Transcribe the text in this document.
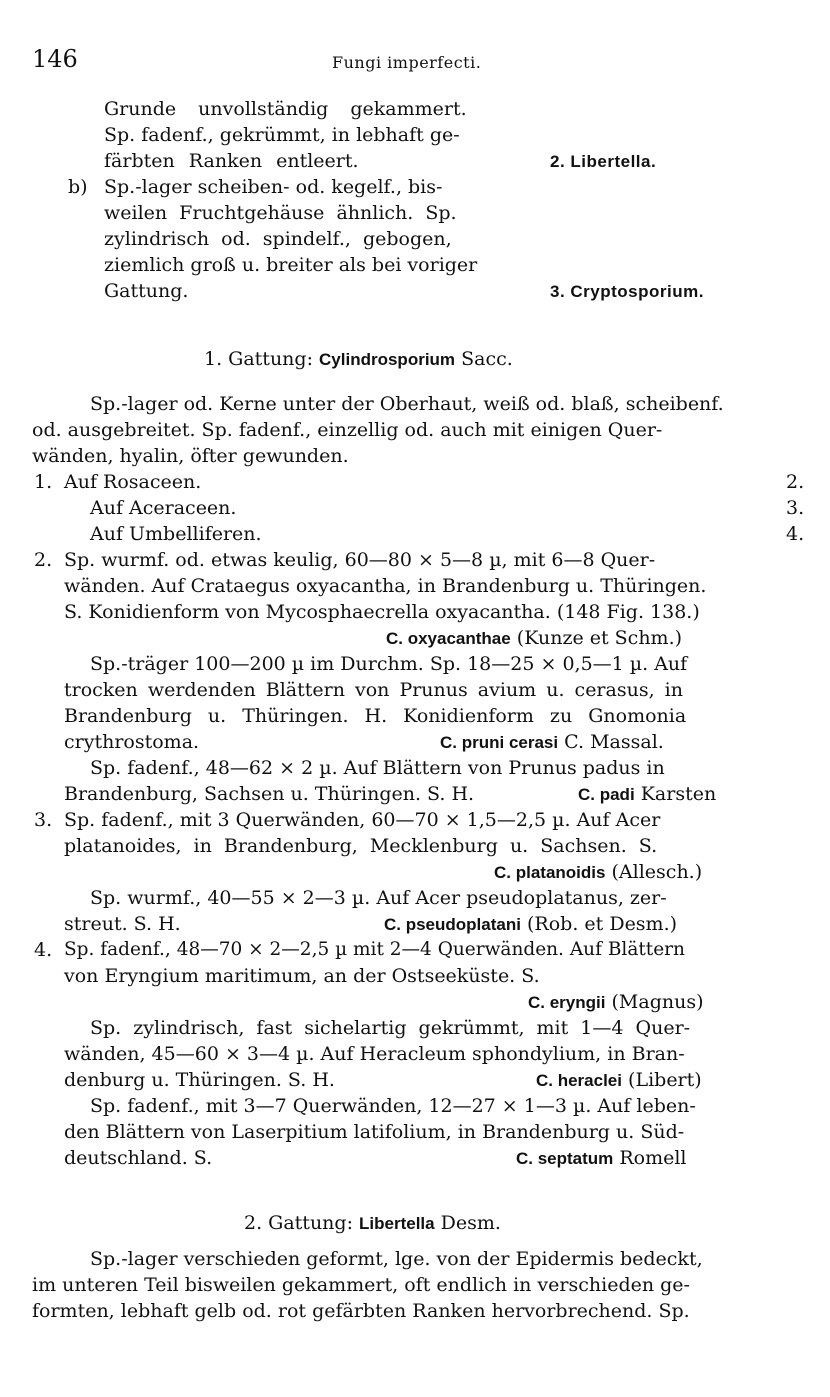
146	Fungi imperfecti.
Grunde unvollständig gekammert.
Sp. fadenf., gekrümmt, in lebhaft ge-
färbten Ranken entleert.	2. Libertella.
b) Sp.-lager scheiben- od. kegelf., bis-
weilen Fruchtgehäuse ähnlich. Sp.
zylindrisch od. spindelf., gebogen,
ziemlich groß u. breiter als bei voriger
Gattung.	3. Cryptosporium.
1. Gattung: Cylindrosporium Sacc.
Sp.-lager od. Kerne unter der Oberhaut, weiß od. blaß, scheibenf.
od. ausgebreitet. Sp. fadenf., einzellig od. auch mit einigen Quer-
wänden, hyalin, öfter gewunden.
1. Auf Rosaceen.	2.
Auf Aceraceen.	3.
Auf Umbelliferen.	4.
2. Sp. wurmf. od. etwas keulig, 60—80 × 5—8 µ, mit 6—8 Quer-
wänden. Auf Crataegus oxyacantha, in Brandenburg u. Thüringen.
S. Konidienform von Mycosphaecrella oxyacantha. (148 Fig. 138.)
C. oxyacanthae (Kunze et Schm.)
Sp.-träger 100—200 µ im Durchm. Sp. 18—25 × 0,5—1 µ. Auf
trocken werdenden Blättern von Prunus avium u. cerasus, in
Brandenburg u. Thüringen. H. Konidienform zu Gnomonia
crythrostoma.	C. pruni cerasi C. Massal.
Sp. fadenf., 48—62 × 2 µ. Auf Blättern von Prunus padus in
Brandenburg, Sachsen u. Thüringen. S. H.	C. padi Karsten
3. Sp. fadenf., mit 3 Querwänden, 60—70 × 1,5—2,5 µ. Auf Acer
platanoides, in Brandenburg, Mecklenburg u. Sachsen. S.
C. platanoidis (Allesch.)
Sp. wurmf., 40—55 × 2—3 µ. Auf Acer pseudoplatanus, zer-
streut. S. H.	C. pseudoplatani (Rob. et Desm.)
4. Sp. fadenf., 48—70 × 2—2,5 µ mit 2—4 Querwänden. Auf Blättern
von Eryngium maritimum, an der Ostseeküste. S.
C. eryngii (Magnus)
Sp. zylindrisch, fast sichelartig gekrümmt, mit 1—4 Quer-
wänden, 45—60 × 3—4 µ. Auf Heracleum sphondylium, in Bran-
denburg u. Thüringen. S. H.	C. heraclei (Libert)
Sp. fadenf., mit 3—7 Querwänden, 12—27 × 1—3 µ. Auf leben-
den Blättern von Laserpitium latifolium, in Brandenburg u. Süd-
deutschland. S.	C. septatum Romell
2. Gattung: Libertella Desm.
Sp.-lager verschieden geformt, lge. von der Epidermis bedeckt,
im unteren Teil bisweilen gekammert, oft endlich in verschieden ge-
formten, lebhaft gelb od. rot gefärbten Ranken hervorbrechend. Sp.
